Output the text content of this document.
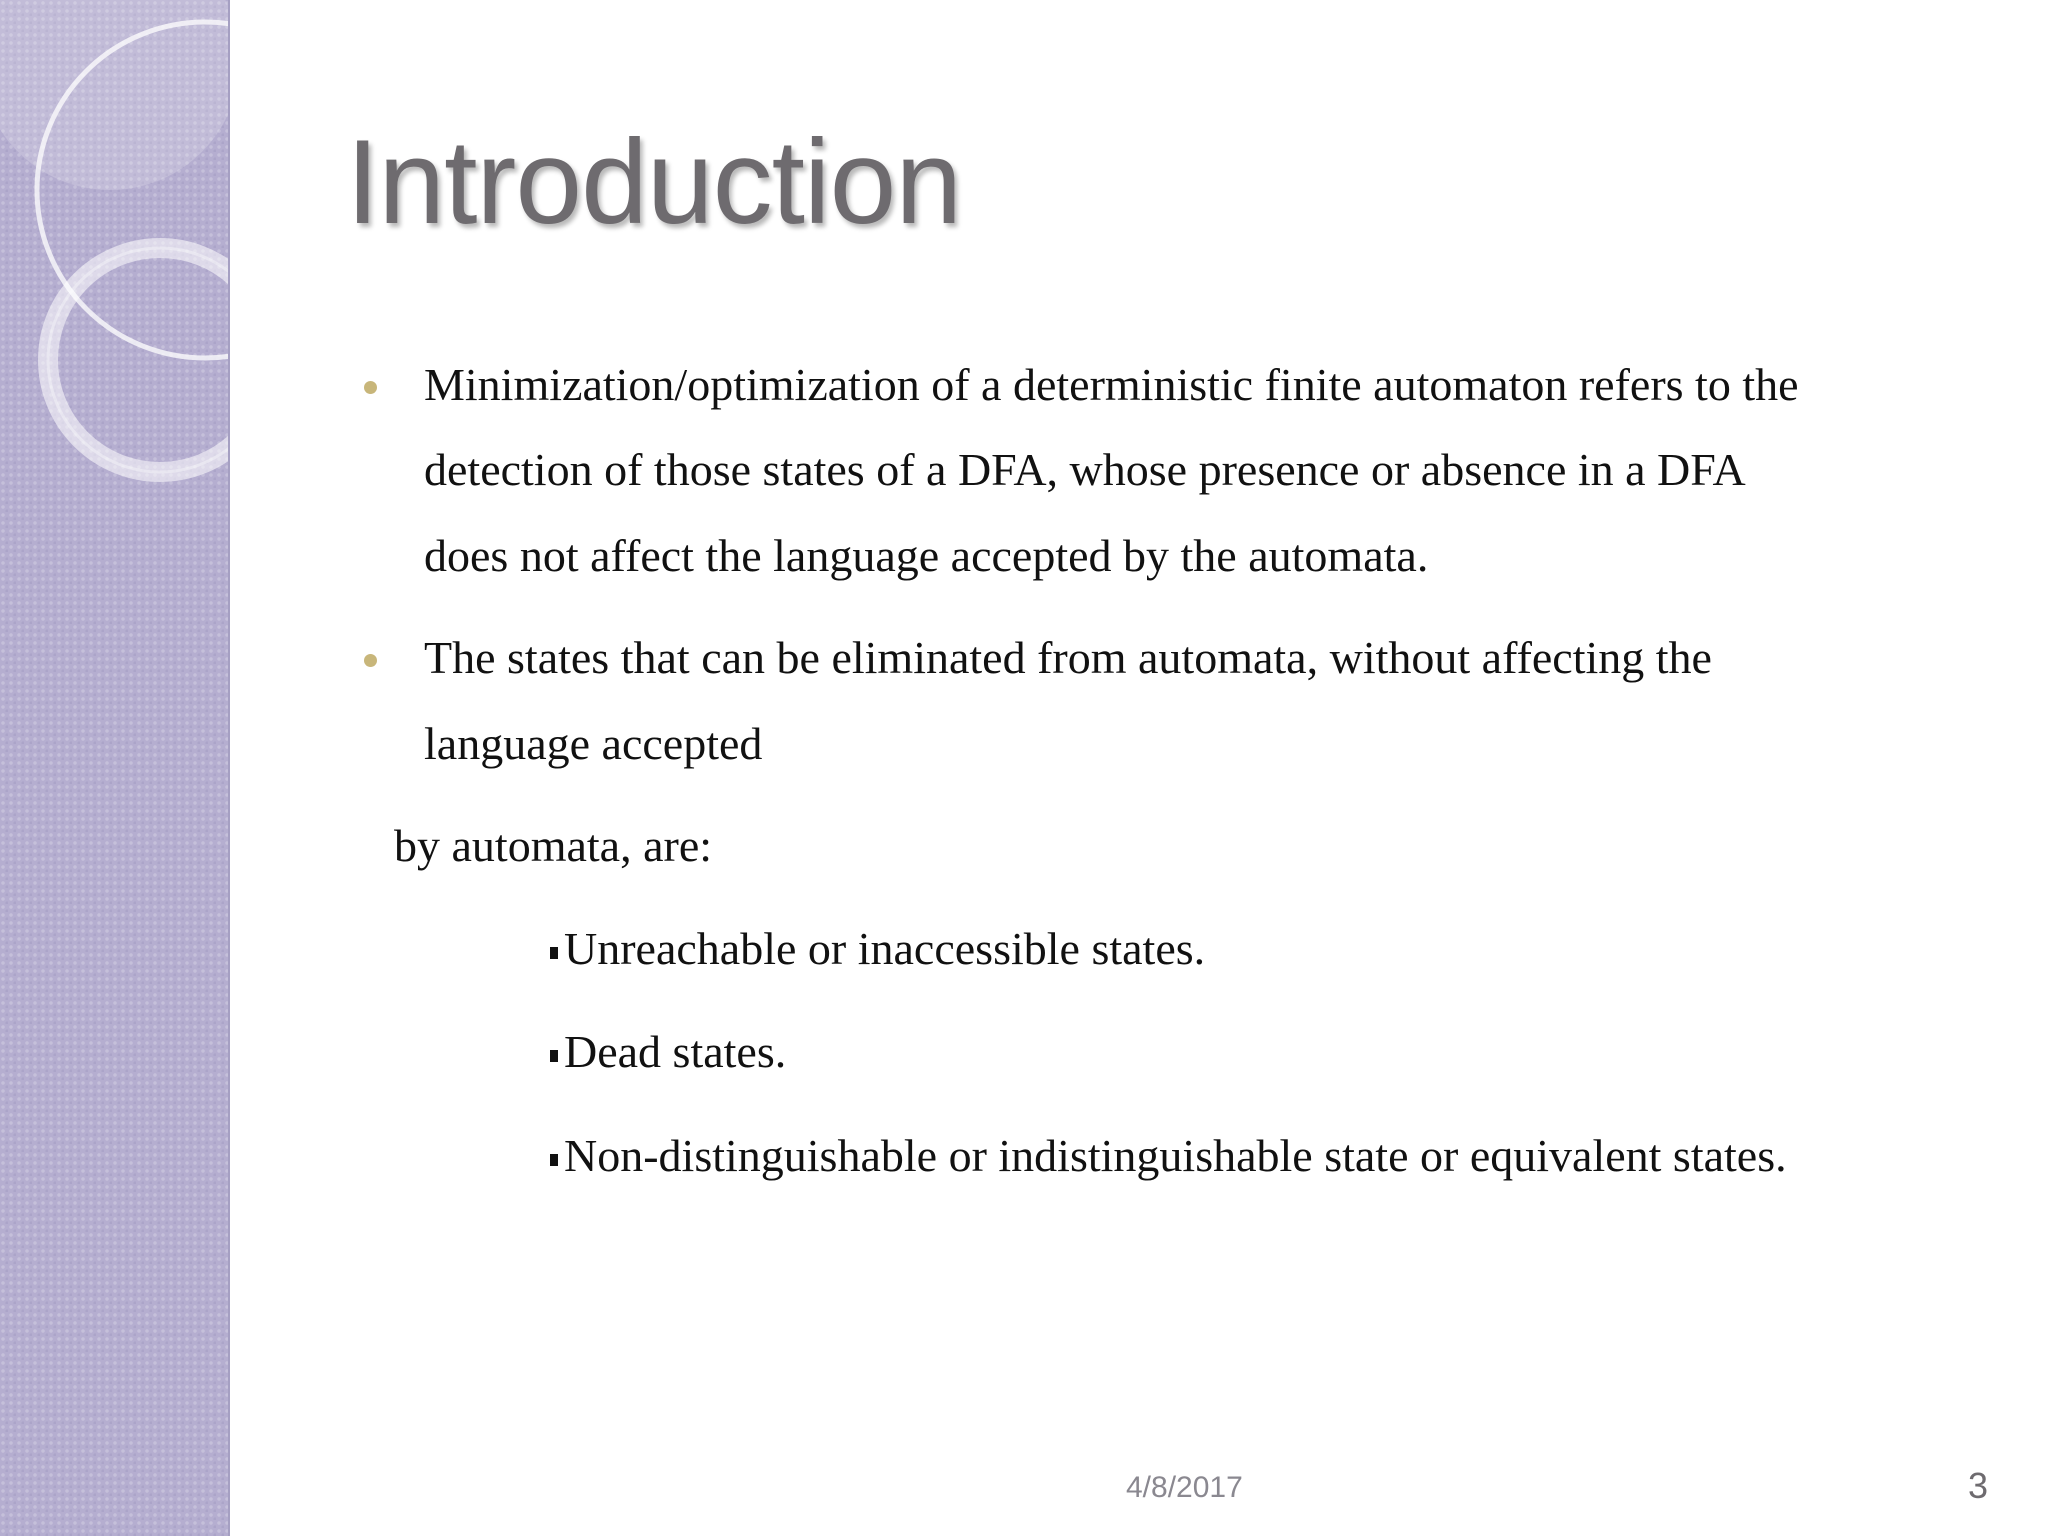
Introduction
Minimization/optimization of a deterministic finite automaton refers to the
detection of those states of a DFA, whose presence or absence in a DFA
does not affect the language accepted by the automata.
The states that can be eliminated from automata, without affecting the
language accepted
by automata, are:
Unreachable or inaccessible states.
Dead states.
Non-distinguishable or indistinguishable state or equivalent states.
4/8/2017	3
